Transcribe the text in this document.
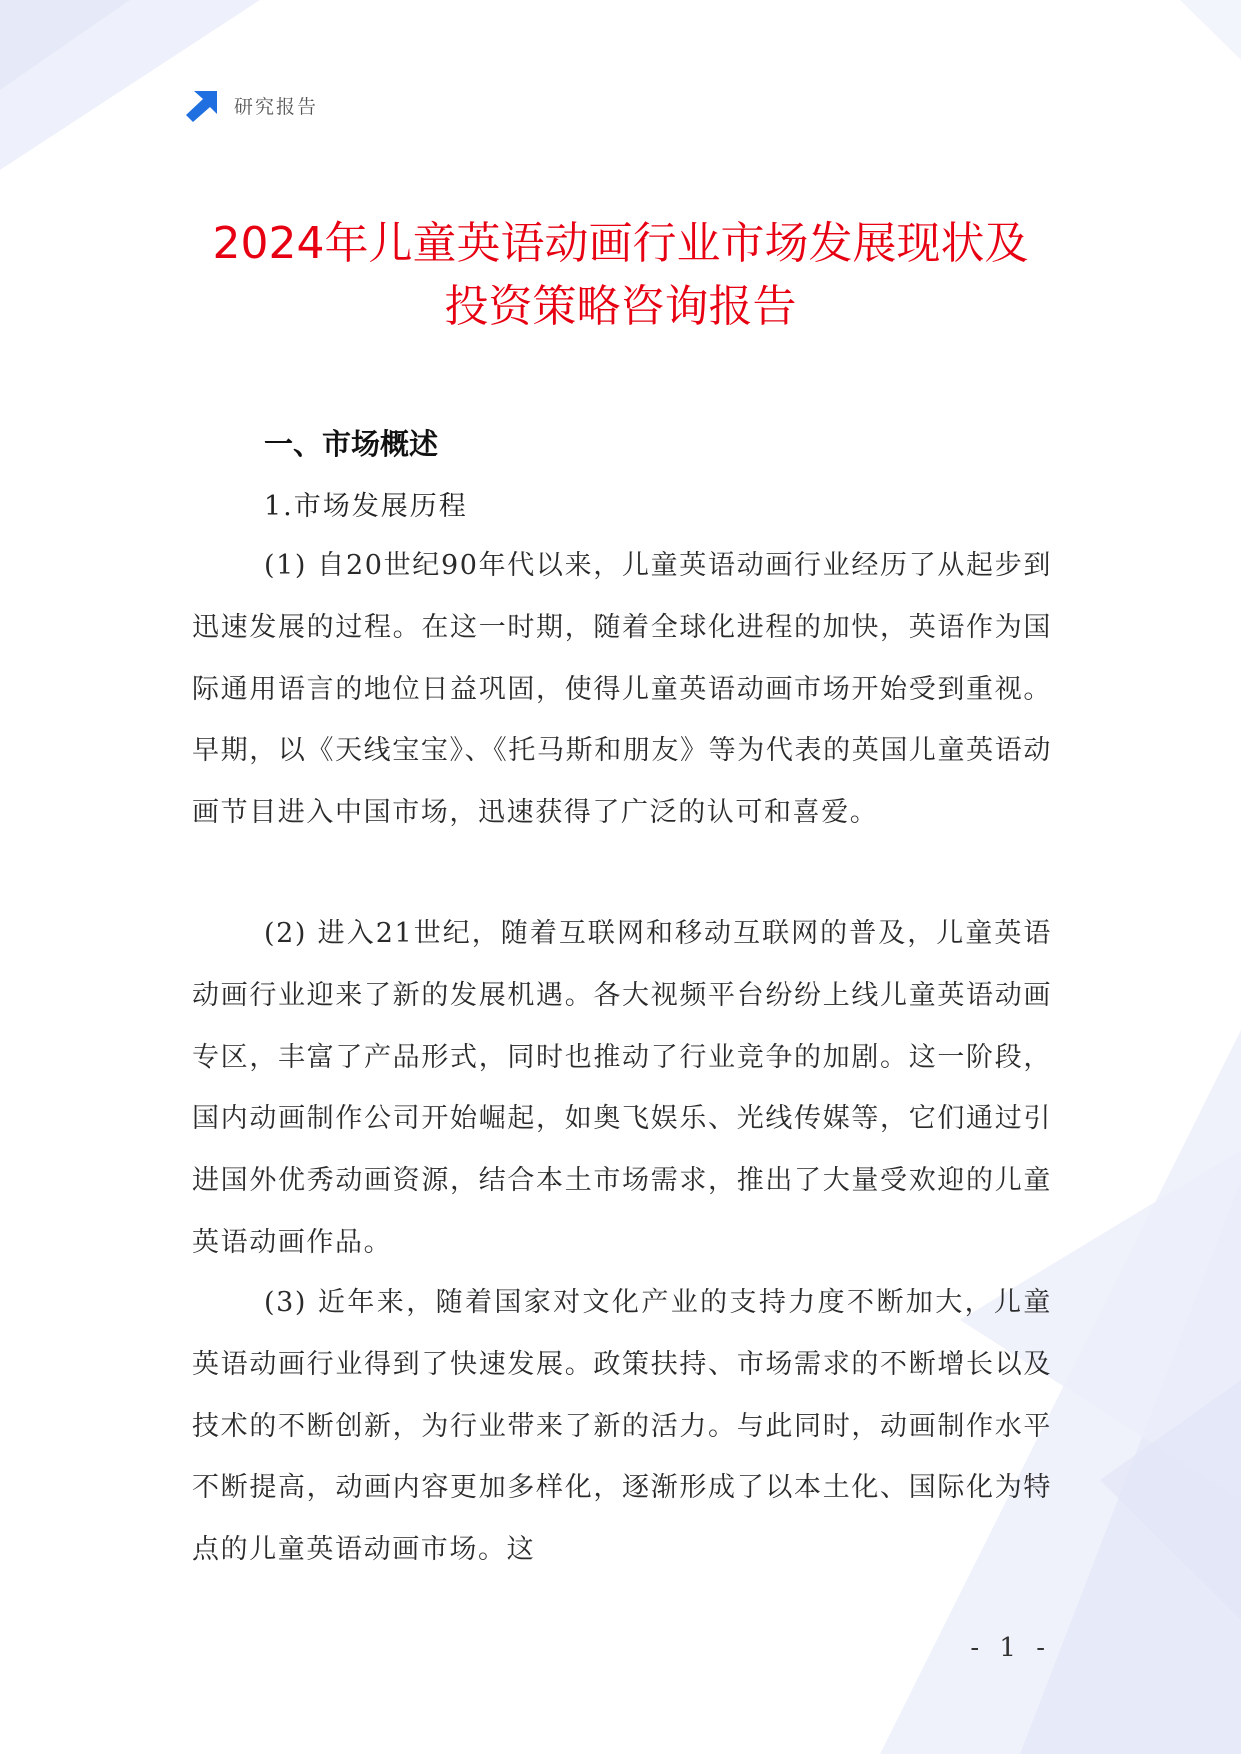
研究报告
2024年儿童英语动画行业市场发展现状及
投资策略咨询报告
一、市场概述
1.市场发展历程
(1) 自20世纪90年代以来，儿童英语动画行业经历了从起步到迅速发展的过程。在这一时期，随着全球化进程的加快，英语作为国际通用语言的地位日益巩固，使得儿童英语动画市场开始受到重视。早期，以《天线宝宝》、《托马斯和朋友》等为代表的英国儿童英语动画节目进入中国市场，迅速获得了广泛的认可和喜爱。
(2) 进入21世纪，随着互联网和移动互联网的普及，儿童英语动画行业迎来了新的发展机遇。各大视频平台纷纷上线儿童英语动画专区，丰富了产品形式，同时也推动了行业竞争的加剧。这一阶段，国内动画制作公司开始崛起，如奥飞娱乐、光线传媒等，它们通过引进国外优秀动画资源，结合本土市场需求，推出了大量受欢迎的儿童英语动画作品。
(3) 近年来，随着国家对文化产业的支持力度不断加大，儿童英语动画行业得到了快速发展。政策扶持、市场需求的不断增长以及技术的不断创新，为行业带来了新的活力。与此同时，动画制作水平不断提高，动画内容更加多样化，逐渐形成了以本土化、国际化为特点的儿童英语动画市场。这
- 1 -
